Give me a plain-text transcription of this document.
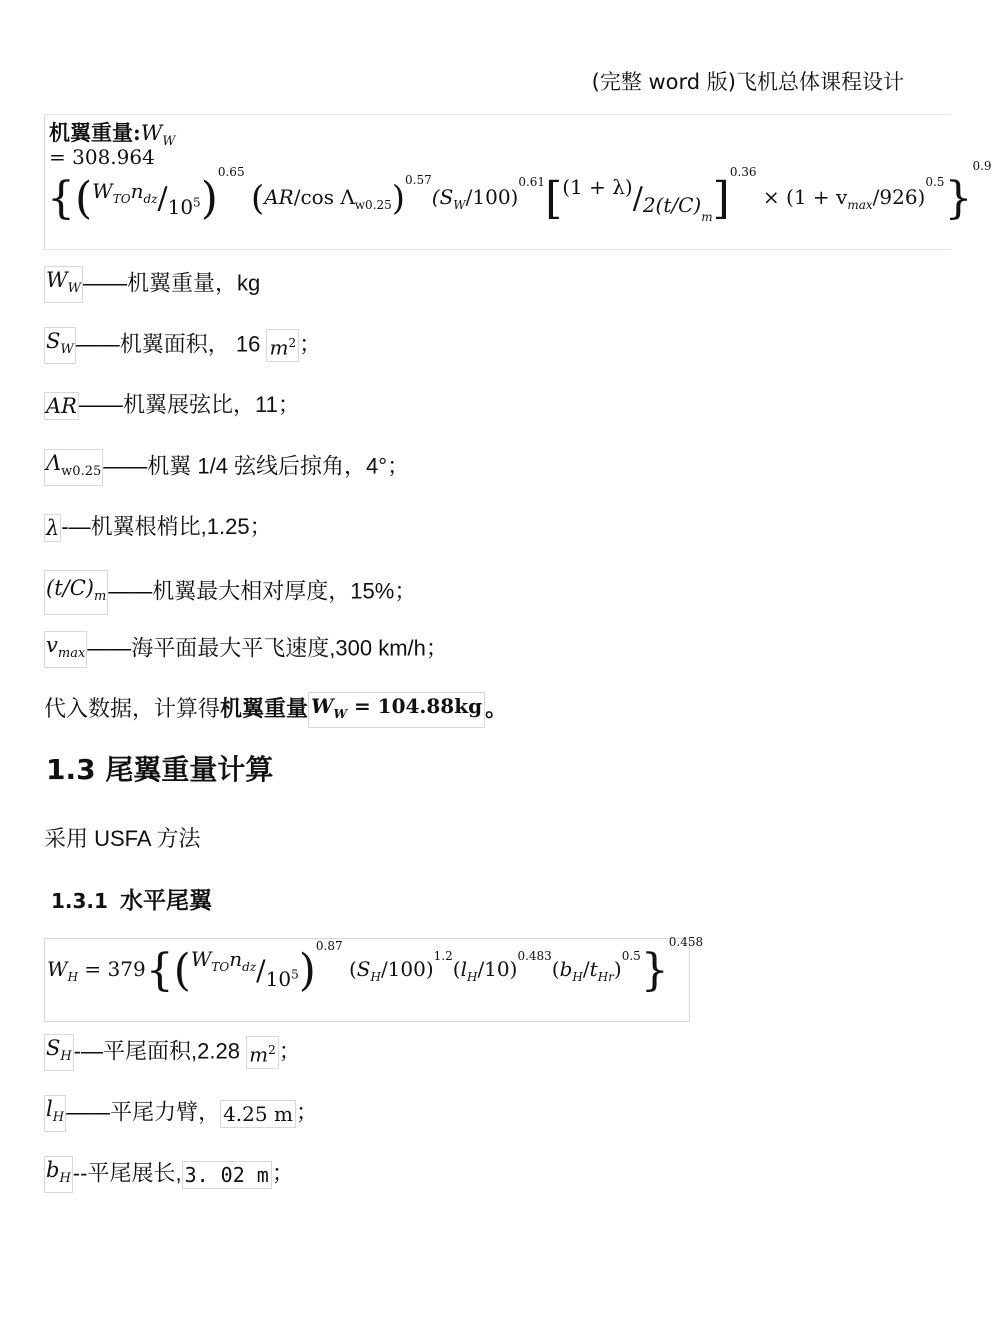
(完整 word 版)飞机总体课程设计
机翼重量$:W_W$
= 308.964
{$(W_{TO}n_{dz}/10^5)^{0.65}$ (AR/cos $\Lambda_{w0.25})^{0.57}(S_W/100)^{0.61}[(1 + \lambda)/2(t/C)_m]^{0.36} \times (1 + v_{max}/926)^{0.5}\}^{0.9}$
$W_W——$机翼重量，kg
$S_W——$机翼面积， 16 $m^2$ ；
AR——机翼展弦比，11；
$\Lambda_{w0.25}——$机翼 1/4 弦线后掠角，4°；
λ-—机翼根梢比,1.25；
$(t/C)_m——$机翼最大相对厚度，15%；
$v_{max}——$海平面最大平飞速度,300 km/h；
代入数据，计算得机翼重量 $W_W = 104.88kg$ 。
1.3 尾翼重量计算
采用 USFA 方法
1.3.1 水平尾翼
$W_H = 379\{(W_{TO}n_{dz}/10^5)^{0.87}$ $(S_H/100)^{1.2}(l_H/10)^{0.483}(b_H/t_{Hr})^{0.5}\}^{0.458}$
$S_H-—$平尾面积,2.28 $m^2$ ；
$l_H——$平尾力臂， 4.25 m ；
$b_H--$平尾展长, 3. 02 m ；
